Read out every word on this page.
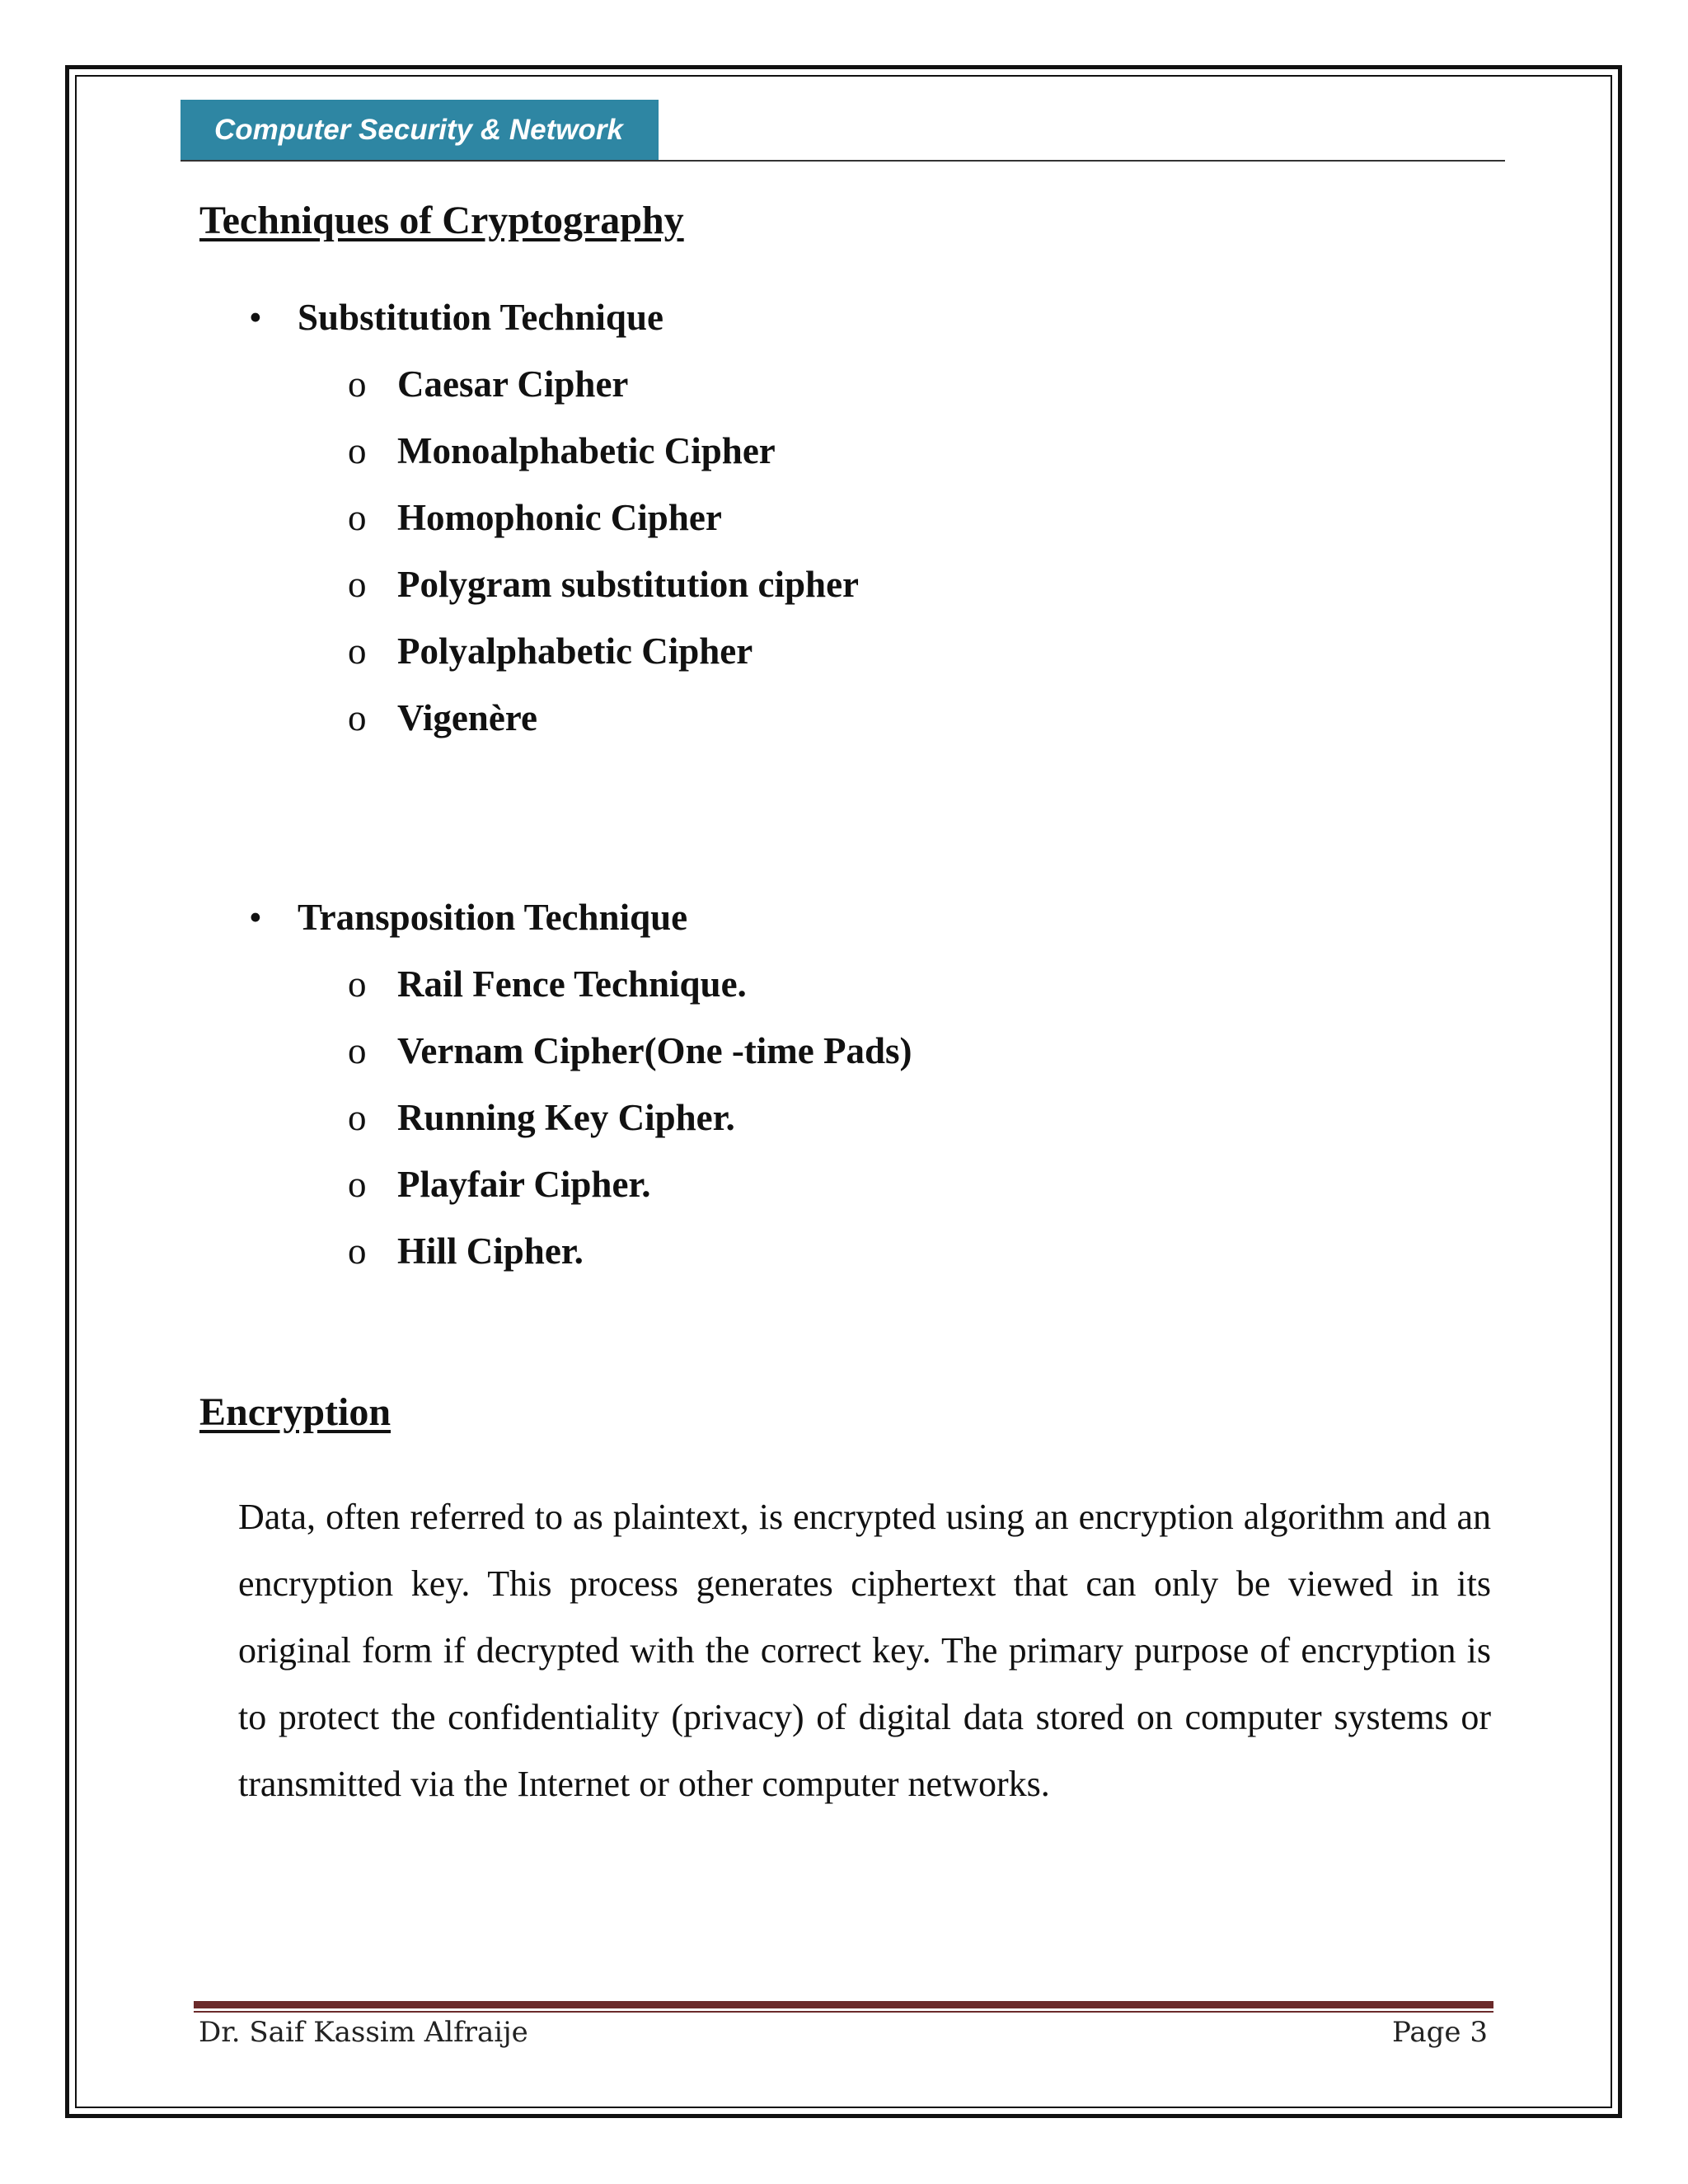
Computer Security & Network
Techniques of Cryptography
• Substitution Technique
o Caesar Cipher
o Monoalphabetic Cipher
o Homophonic Cipher
o Polygram substitution cipher
o Polyalphabetic Cipher
o Vigenère
• Transposition Technique
o Rail Fence Technique.
o Vernam Cipher(One -time Pads)
o Running Key Cipher.
o Playfair Cipher.
o Hill Cipher.
Encryption

Data, often referred to as plaintext, is encrypted using an encryption algorithm and an encryption key. This process generates ciphertext that can only be viewed in its original form if decrypted with the correct key. The primary purpose of encryption is to protect the confidentiality (privacy) of digital data stored on computer systems or transmitted via the Internet or other computer networks.

Dr. Saif Kassim Alfraije	Page 3
